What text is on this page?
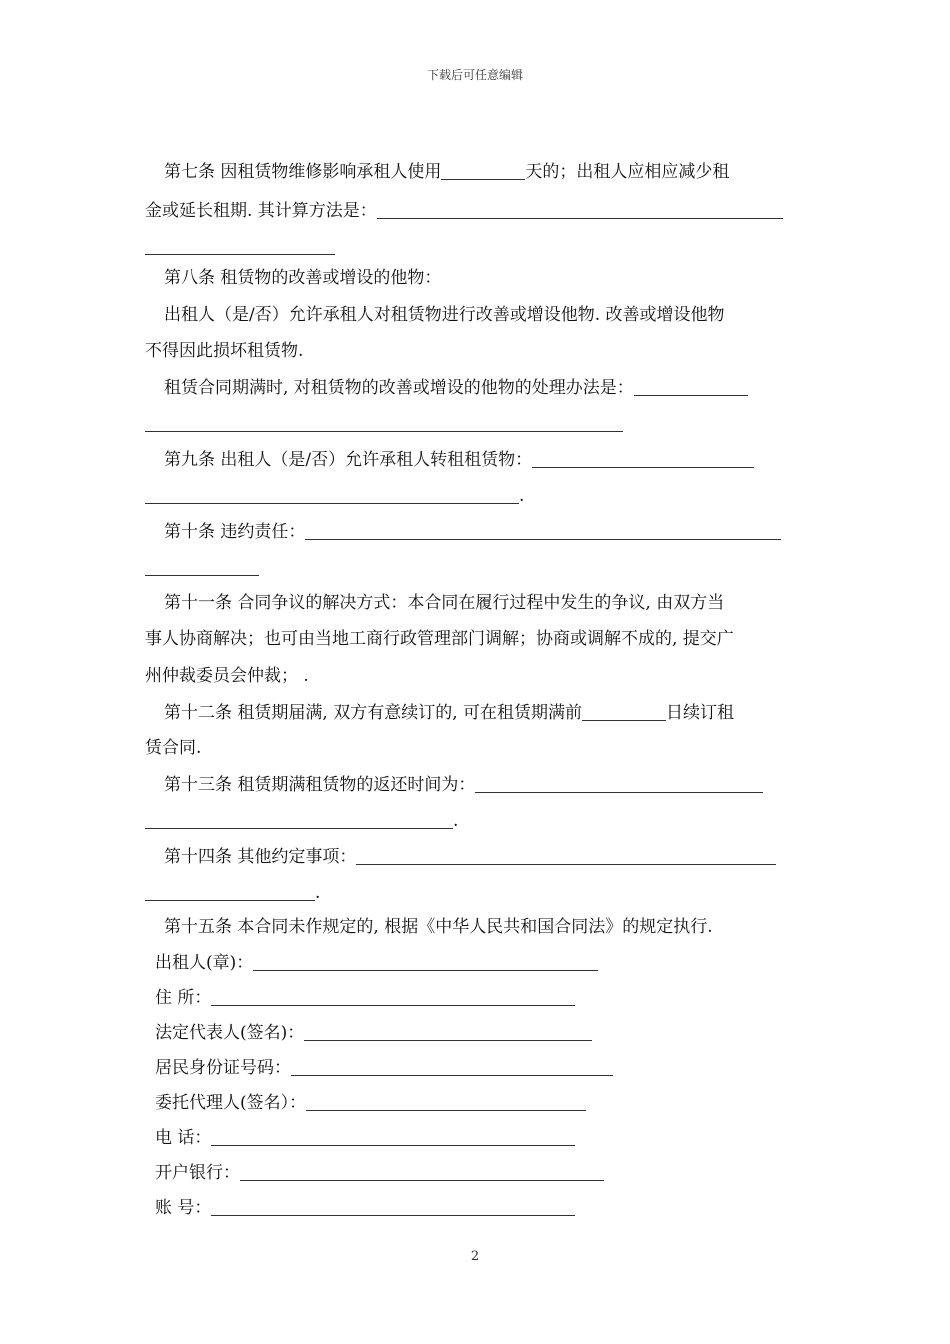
下载后可任意编辑
第七条 因租赁物维修影响承租人使用	天的；出租人应相应减少租
金或延长租期. 其计算方法是：
第八条 租赁物的改善或增设的他物：
出租人（是/否）允许承租人对租赁物进行改善或增设他物. 改善或增设他物
不得因此损坏租赁物.
租赁合同期满时, 对租赁物的改善或增设的他物的处理办法是：
第九条 出租人（是/否）允许承租人转租租赁物：
.
第十条 违约责任：
第十一条 合同争议的解决方式：本合同在履行过程中发生的争议, 由双方当
事人协商解决；也可由当地工商行政管理部门调解；协商或调解不成的, 提交广
州仲裁委员会仲裁； .
第十二条 租赁期届满, 双方有意续订的, 可在租赁期满前	日续订租
赁合同.
第十三条 租赁期满租赁物的返还时间为：
.
第十四条 其他约定事项：
.
第十五条 本合同未作规定的, 根据《中华人民共和国合同法》的规定执行.
出租人(章)：
住 所：
法定代表人(签名)：
居民身份证号码：
委托代理人(签名）：
电 话：
开户银行：
账 号：
2
